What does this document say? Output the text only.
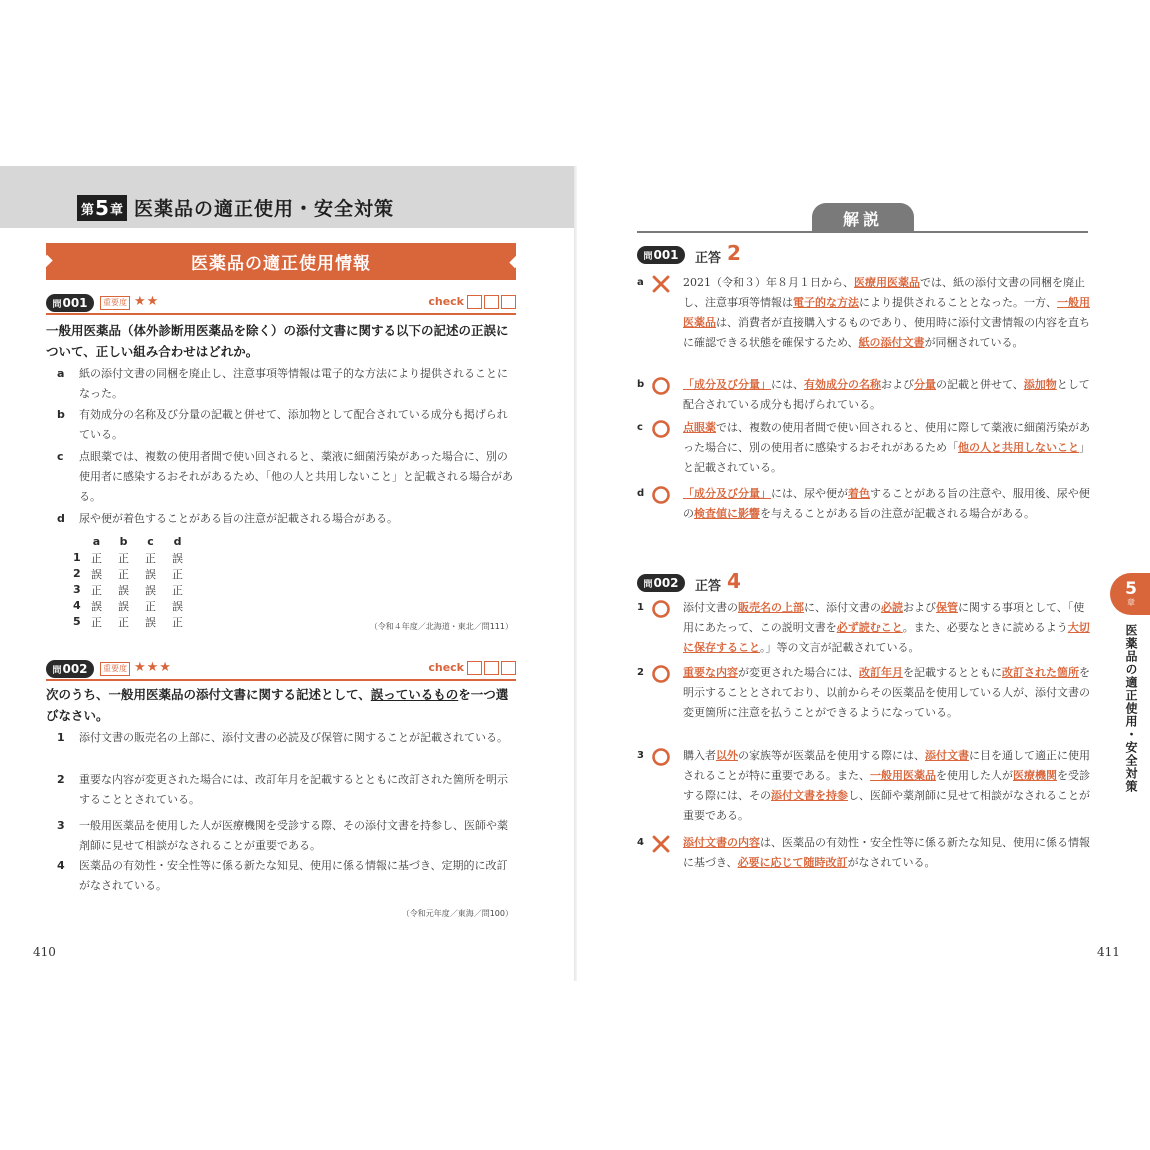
第 5 章 医薬品の適正使用・安全対策
医薬品の適正使用情報
問 001	重要度 ★★	check
一般用医薬品（体外診断用医薬品を除く）の添付文書に関する以下の記述の正誤について、正しい組み合わせはどれか。
a 紙の添付文書の同梱を廃止し、注意事項等情報は電子的な方法により提供されることになった。
b 有効成分の名称及び分量の記載と併せて、添加物として配合されている成分も掲げられている。
c 点眼薬では、複数の使用者間で使い回されると、薬液に細菌汚染があった場合に、別の使用者に感染するおそれがあるため、「他の人と共用しないこと」と記載される場合がある。
d 尿や便が着色することがある旨の注意が記載される場合がある。
	a	b	c	d
1	正	正	正	誤
2	誤	正	誤	正
3	正	誤	誤	正
4	誤	誤	正	誤
5	正	正	誤	正	（令和４年度／北海道・東北／問111）
問 002	重要度 ★★★	check
次のうち、一般用医薬品の添付文書に関する記述として、誤っているものを一つ選びなさい。
1 添付文書の販売名の上部に、添付文書の必読及び保管に関することが記載されている。
2 重要な内容が変更された場合には、改訂年月を記載するとともに改訂された箇所を明示することとされている。
3 一般用医薬品を使用した人が医療機関を受診する際、その添付文書を持参し、医師や薬剤師に見せて相談がなされることが重要である。
4 医薬品の有効性・安全性等に係る新たな知見、使用に係る情報に基づき、定期的に改訂がなされている。
（令和元年度／東海／問100）
410
解説
問 001 正答 2
a	2021（令和３）年８月１日から、医療用医薬品では、紙の添付文書の同梱を廃止し、注意事項等情報は電子的な方法により提供されることとなった。一方、一般用医薬品は、消費者が直接購入するものであり、使用時に添付文書情報の内容を直ちに確認できる状態を確保するため、紙の添付文書が同梱されている。
b	「成分及び分量」には、有効成分の名称および分量の記載と併せて、添加物として配合されている成分も掲げられている。
c	点眼薬では、複数の使用者間で使い回されると、使用に際して薬液に細菌汚染があった場合に、別の使用者に感染するおそれがあるため「他の人と共用しないこと」と記載されている。
d	「成分及び分量」には、尿や便が着色することがある旨の注意や、服用後、尿や便の検査値に影響を与えることがある旨の注意が記載される場合がある。
問 002 正答 4
1	添付文書の販売名の上部に、添付文書の必読および保管に関する事項として、「使用にあたって、この説明文書を必ず読むこと。また、必要なときに読めるよう大切に保存すること。」等の文言が記載されている。
2	重要な内容が変更された場合には、改訂年月を記載するとともに改訂された箇所を明示することとされており、以前からその医薬品を使用している人が、添付文書の変更箇所に注意を払うことができるようになっている。
3	購入者以外の家族等が医薬品を使用する際には、添付文書に目を通して適正に使用されることが特に重要である。また、一般用医薬品を使用した人が医療機関を受診する際には、その添付文書を持参し、医師や薬剤師に見せて相談がなされることが重要である。
4	添付文書の内容は、医薬品の有効性・安全性等に係る新たな知見、使用に係る情報に基づき、必要に応じて随時改訂がなされている。
5
章
医薬品の適正使用・安全対策
411
